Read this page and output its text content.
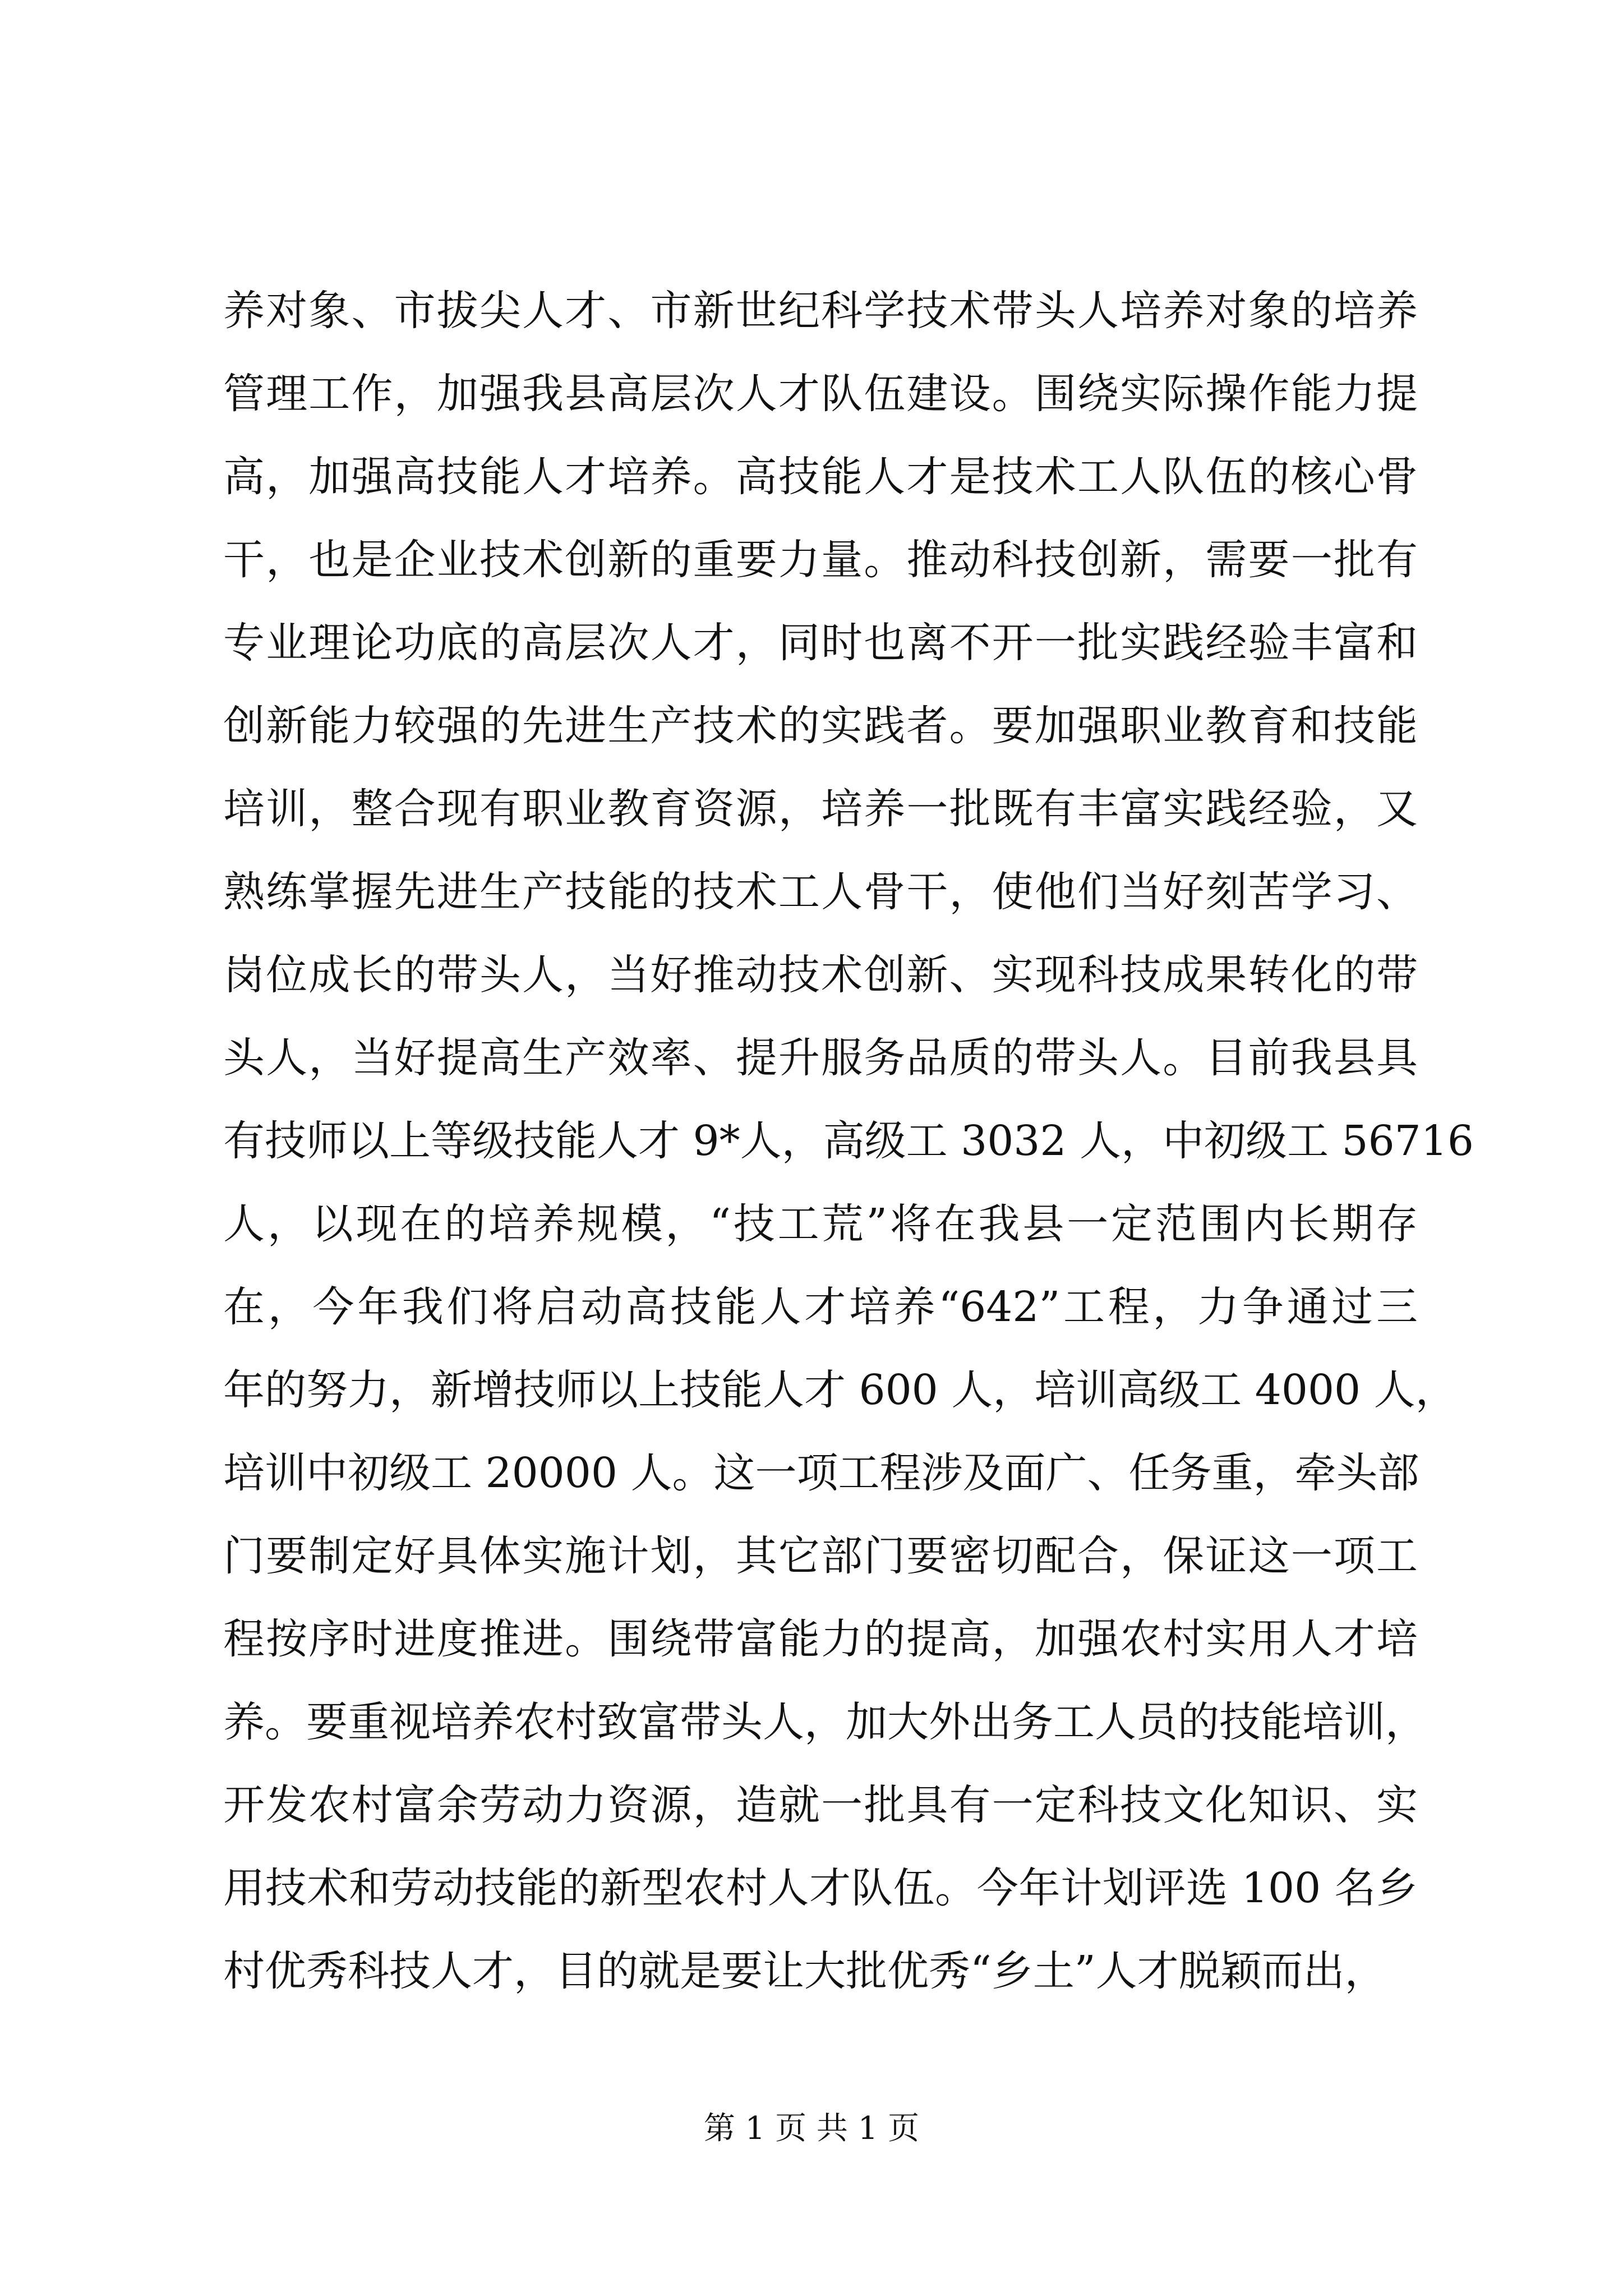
养对象、市拔尖人才、市新世纪科学技术带头人培养对象的培养
管理工作，加强我县高层次人才队伍建设。围绕实际操作能力提
高，加强高技能人才培养。高技能人才是技术工人队伍的核心骨
干，也是企业技术创新的重要力量。推动科技创新，需要一批有
专业理论功底的高层次人才，同时也离不开一批实践经验丰富和
创新能力较强的先进生产技术的实践者。要加强职业教育和技能
培训，整合现有职业教育资源，培养一批既有丰富实践经验，又
熟练掌握先进生产技能的技术工人骨干，使他们当好刻苦学习、
岗位成长的带头人，当好推动技术创新、实现科技成果转化的带
头人，当好提高生产效率、提升服务品质的带头人。目前我县具
有技师以上等级技能人才 9*人，高级工 3032 人，中初级工 56716
人，以现在的培养规模，“技工荒”将在我县一定范围内长期存
在，今年我们将启动高技能人才培养“642”工程，力争通过三
年的努力，新增技师以上技能人才 600 人，培训高级工 4000 人，
培训中初级工 20000 人。这一项工程涉及面广、任务重，牵头部
门要制定好具体实施计划，其它部门要密切配合，保证这一项工
程按序时进度推进。围绕带富能力的提高，加强农村实用人才培
养。要重视培养农村致富带头人，加大外出务工人员的技能培训，
开发农村富余劳动力资源，造就一批具有一定科技文化知识、实
用技术和劳动技能的新型农村人才队伍。今年计划评选 100 名乡
村优秀科技人才，目的就是要让大批优秀“乡土”人才脱颖而出，
第 1 页 共 1 页
